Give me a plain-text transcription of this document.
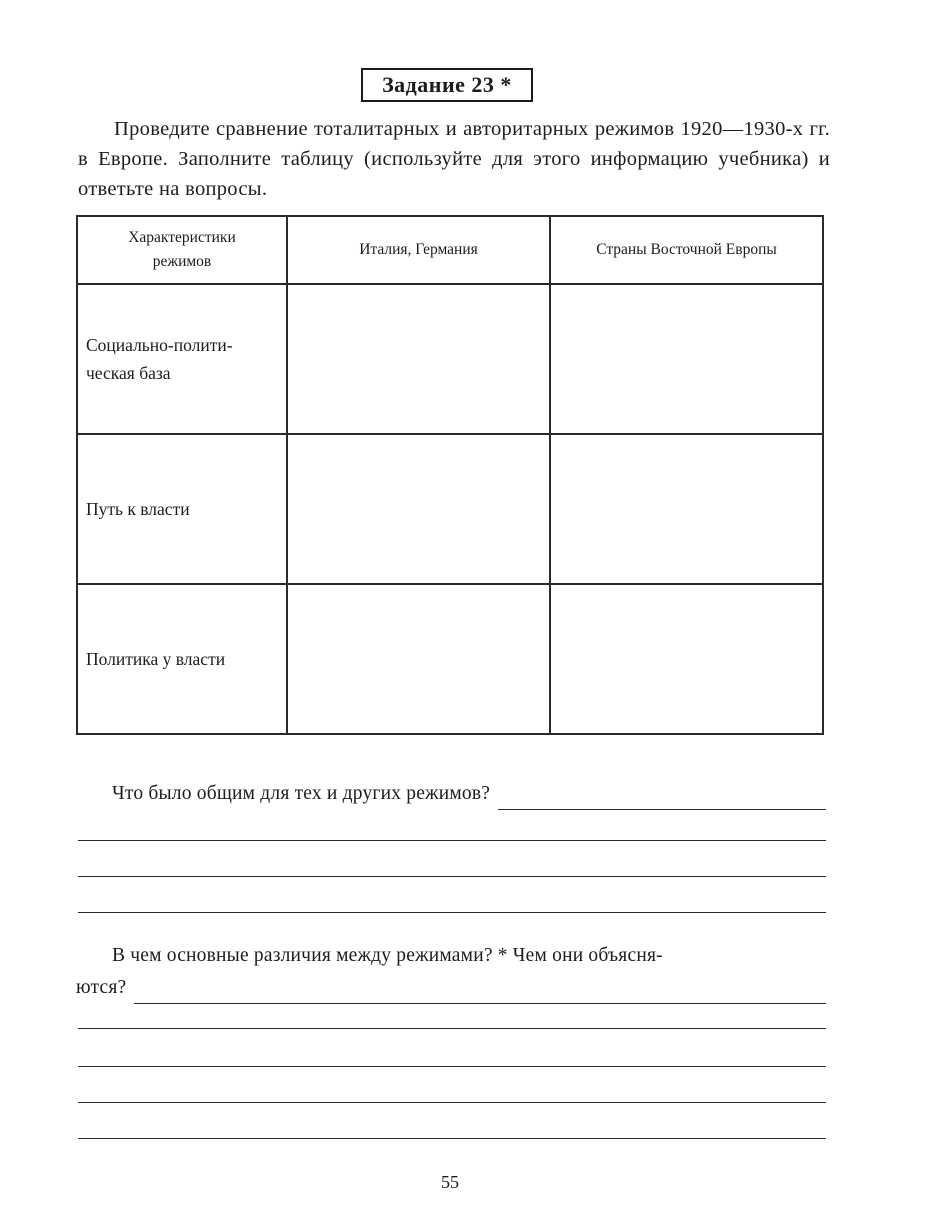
Задание 23 *
Проведите сравнение тоталитарных и авторитарных режимов 1920—1930-х гг. в Европе. Заполните таблицу (используйте для этого информацию учебника) и ответьте на вопросы.
Характеристики режимов	Италия, Германия	Страны Восточной Европы

Социально-полити-ческая база		

Путь к власти		
Политика у власти		
Что было общим для тех и других режимов?
В чем основные различия между режимами? * Чем они объясня-
ются?
55
